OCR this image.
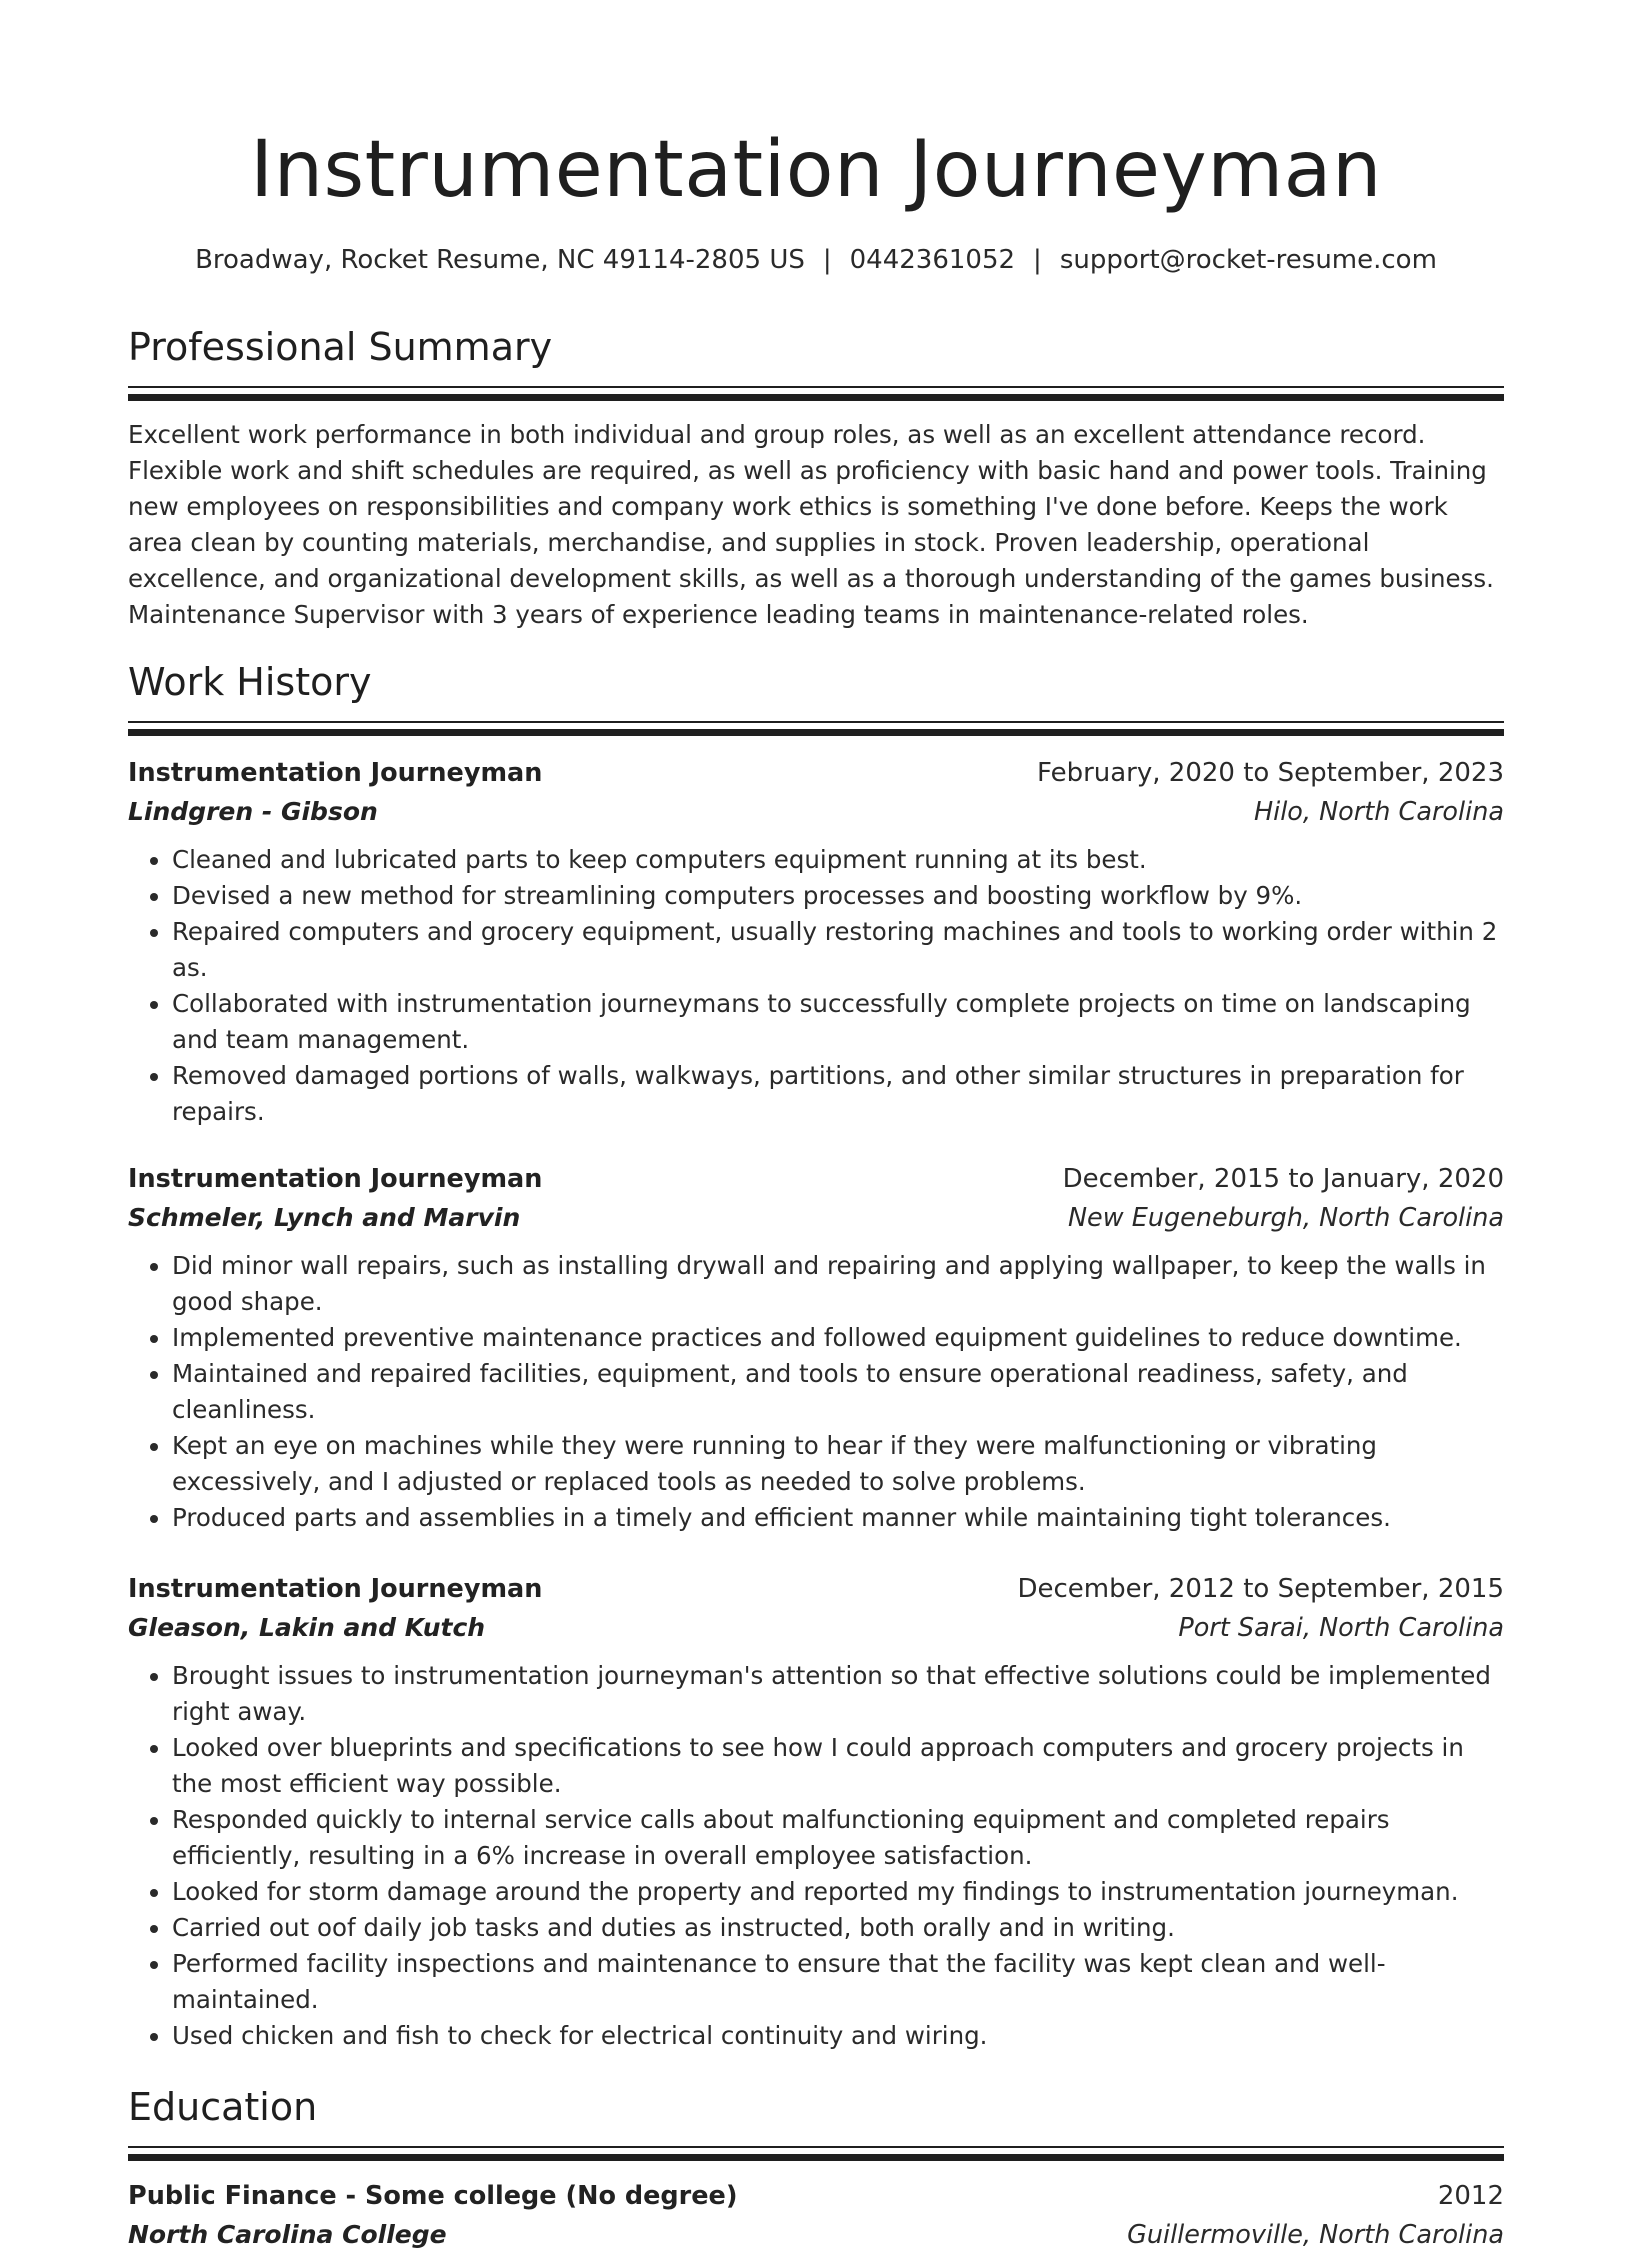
Instrumentation Journeyman
Broadway, Rocket Resume, NC 49114-2805 US | 0442361052 | support@rocket-resume.com
Professional Summary
Excellent work performance in both individual and group roles, as well as an excellent attendance record. Flexible work and shift schedules are required, as well as proficiency with basic hand and power tools. Training new employees on responsibilities and company work ethics is something I've done before. Keeps the work area clean by counting materials, merchandise, and supplies in stock. Proven leadership, operational excellence, and organizational development skills, as well as a thorough understanding of the games business. Maintenance Supervisor with 3 years of experience leading teams in maintenance-related roles.
Work History
Instrumentation Journeyman	February, 2020 to September, 2023
Lindgren - Gibson	Hilo, North Carolina
• Cleaned and lubricated parts to keep computers equipment running at its best.
• Devised a new method for streamlining computers processes and boosting workflow by 9%.
• Repaired computers and grocery equipment, usually restoring machines and tools to working order within 2 as.
• Collaborated with instrumentation journeymans to successfully complete projects on time on landscaping and team management.
• Removed damaged portions of walls, walkways, partitions, and other similar structures in preparation for repairs.
Instrumentation Journeyman	December, 2015 to January, 2020
Schmeler, Lynch and Marvin	New Eugeneburgh, North Carolina
• Did minor wall repairs, such as installing drywall and repairing and applying wallpaper, to keep the walls in good shape.
• Implemented preventive maintenance practices and followed equipment guidelines to reduce downtime.
• Maintained and repaired facilities, equipment, and tools to ensure operational readiness, safety, and cleanliness.
• Kept an eye on machines while they were running to hear if they were malfunctioning or vibrating excessively, and I adjusted or replaced tools as needed to solve problems.
• Produced parts and assemblies in a timely and efficient manner while maintaining tight tolerances.
Instrumentation Journeyman	December, 2012 to September, 2015
Gleason, Lakin and Kutch	Port Sarai, North Carolina
• Brought issues to instrumentation journeyman's attention so that effective solutions could be implemented right away.
• Looked over blueprints and specifications to see how I could approach computers and grocery projects in the most efficient way possible.
• Responded quickly to internal service calls about malfunctioning equipment and completed repairs efficiently, resulting in a 6% increase in overall employee satisfaction.
• Looked for storm damage around the property and reported my findings to instrumentation journeyman.
• Carried out oof daily job tasks and duties as instructed, both orally and in writing.
• Performed facility inspections and maintenance to ensure that the facility was kept clean and well-maintained.
• Used chicken and fish to check for electrical continuity and wiring.
Education
Public Finance - Some college (No degree)	2012
North Carolina College	Guillermoville, North Carolina
